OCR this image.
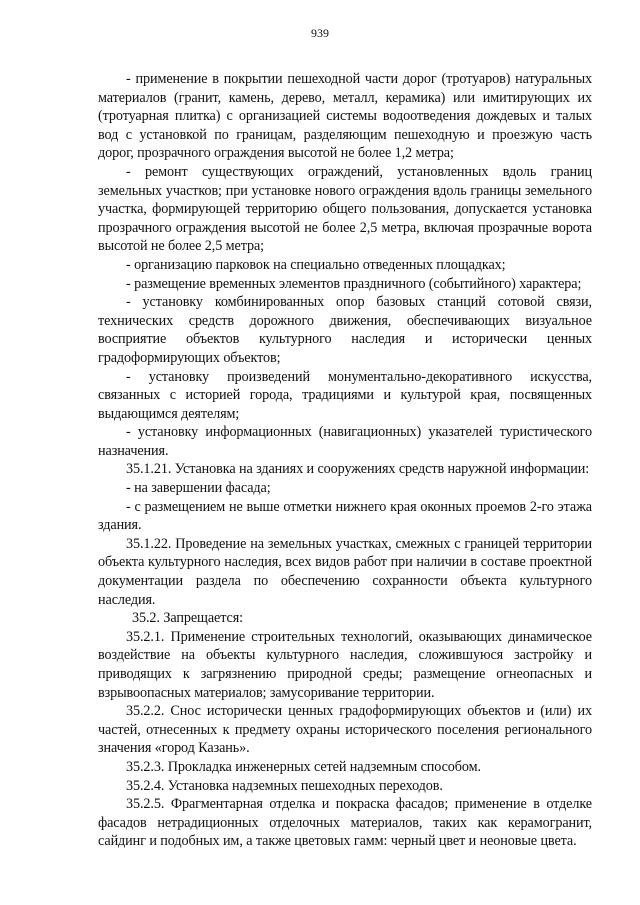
939

- применение в покрытии пешеходной части дорог (тротуаров) натуральных материалов (гранит, камень, дерево, металл, керамика) или имитирующих их (тротуарная плитка) с организацией системы водоотведения дождевых и талых вод с установкой по границам, разделяющим пешеходную и проезжую часть дорог, прозрачного ограждения высотой не более 1,2 метра;

- ремонт существующих ограждений, установленных вдоль границ земельных участков; при установке нового ограждения вдоль границы земельного участка, формирующей территорию общего пользования, допускается установка прозрачного ограждения высотой не более 2,5 метра, включая прозрачные ворота высотой не более 2,5 метра;

- организацию парковок на специально отведенных площадках;

- размещение временных элементов праздничного (событийного) характера;

- установку комбинированных опор базовых станций сотовой связи, технических средств дорожного движения, обеспечивающих визуальное восприятие объектов культурного наследия и исторически ценных градоформирующих объектов;

- установку произведений монументально-декоративного искусства, связанных с историей города, традициями и культурой края, посвященных выдающимся деятелям;

- установку информационных (навигационных) указателей туристического назначения.

35.1.21. Установка на зданиях и сооружениях средств наружной информации:

- на завершении фасада;

- с размещением не выше отметки нижнего края оконных проемов 2-го этажа здания.

35.1.22. Проведение на земельных участках, смежных с границей территории объекта культурного наследия, всех видов работ при наличии в составе проектной документации раздела по обеспечению сохранности объекта культурного наследия.

35.2. Запрещается:

35.2.1. Применение строительных технологий, оказывающих динамическое воздействие на объекты культурного наследия, сложившуюся застройку и приводящих к загрязнению природной среды; размещение огнеопасных и взрывоопасных материалов; замусоривание территории.

35.2.2. Снос исторически ценных градоформирующих объектов и (или) их частей, отнесенных к предмету охраны исторического поселения регионального значения «город Казань».

35.2.3. Прокладка инженерных сетей надземным способом.

35.2.4. Установка надземных пешеходных переходов.

35.2.5. Фрагментарная отделка и покраска фасадов; применение в отделке фасадов нетрадиционных отделочных материалов, таких как керамогранит, сайдинг и подобных им, а также цветовых гамм: черный цвет и неоновые цвета.
